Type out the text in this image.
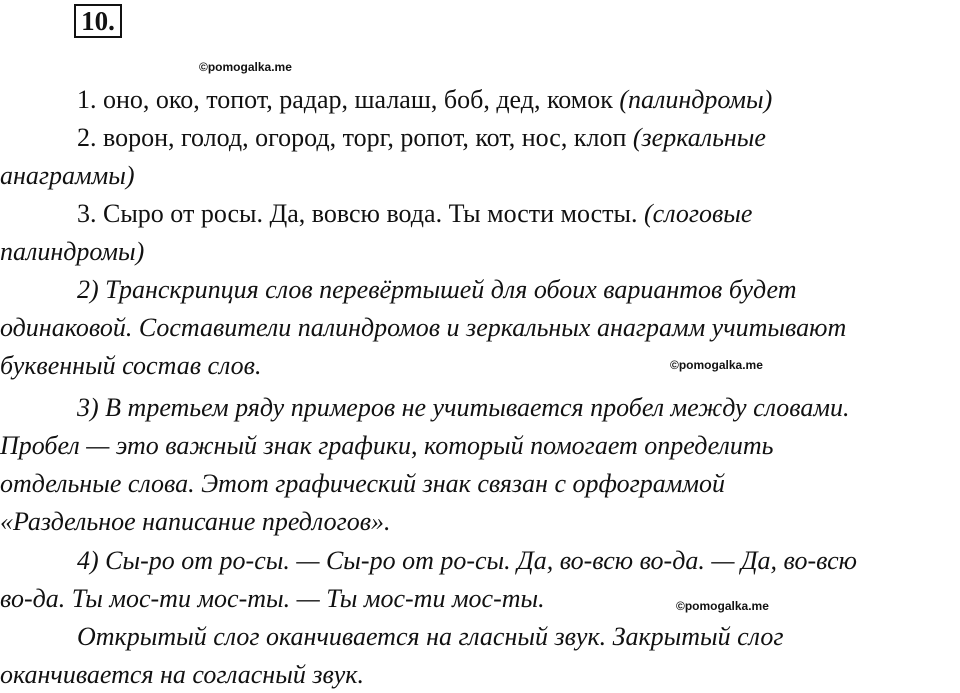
10.
©pomogalka.me
©pomogalka.me
©pomogalka.me
1. оно, око, топот, радар, шалаш, боб, дед, комок (палиндромы)
2. ворон, голод, огород, торг, ропот, кот, нос, клоп (зеркальные
анаграммы)
3. Сыро от росы. Да, вовсю вода. Ты мости мосты. (слоговые
палиндромы)
2) Транскрипция слов перевёртышей для обоих вариантов будет
одинаковой. Составители палиндромов и зеркальных анаграмм учитывают
буквенный состав слов.
3) В третьем ряду примеров не учитывается пробел между словами.
Пробел — это важный знак графики, который помогает определить
отдельные слова. Этот графический знак связан с орфограммой
«Раздельное написание предлогов».
4) Сы-ро от ро-сы. — Сы-ро от ро-сы. Да, во-всю во-да. — Да, во-всю
во-да. Ты мос-ти мос-ты. — Ты мос-ти мос-ты.
Открытый слог оканчивается на гласный звук. Закрытый слог
оканчивается на согласный звук.
